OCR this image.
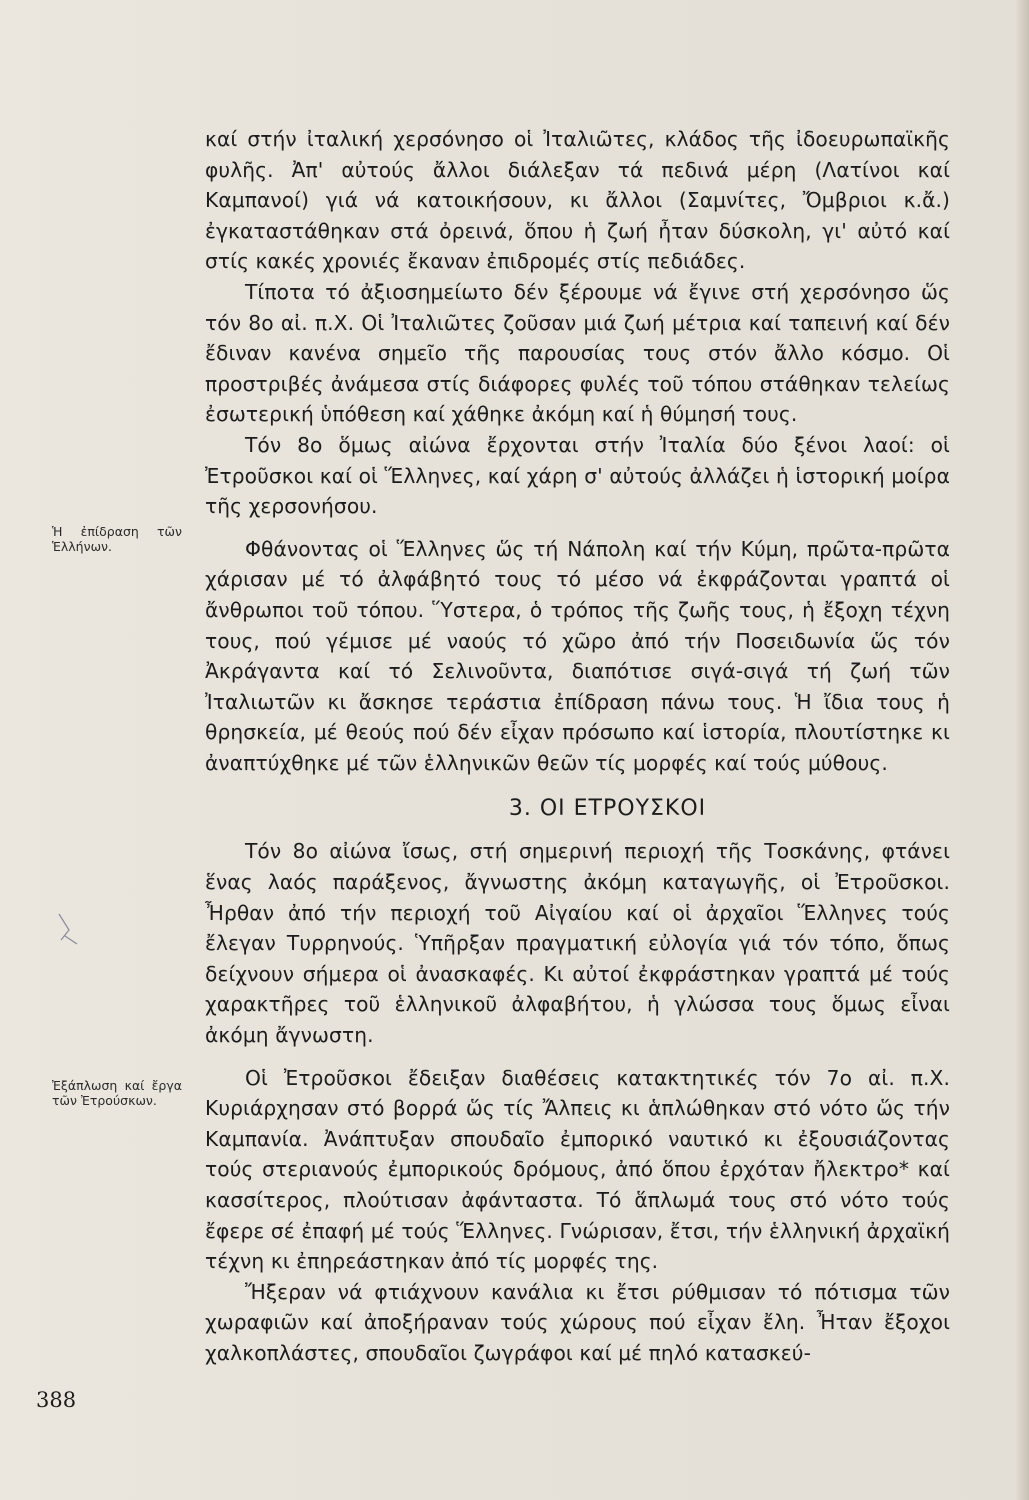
καί στήν ἰταλική χερσόνησο οἱ Ἰταλιῶτες, κλάδος τῆς ἰδοευρωπαϊκῆς φυλῆς. Ἀπ' αὐτούς ἄλλοι διάλεξαν τά πεδινά μέρη (Λατίνοι καί Καμπανοί) γιά νά κατοικήσουν, κι ἄλλοι (Σαμνίτες, Ὄμβριοι κ.ἄ.) ἐγκαταστάθηκαν στά ὀρεινά, ὅπου ἡ ζωή ἦταν δύσκολη, γι' αὐτό καί στίς κακές χρονιές ἔκαναν ἐπιδρομές στίς πεδιάδες.

Τίποτα τό ἀξιοσημείωτο δέν ξέρουμε νά ἔγινε στή χερσόνησο ὥς τόν 8ο αἰ. π.Χ. Οἱ Ἰταλιῶτες ζοῦσαν μιά ζωή μέτρια καί ταπεινή καί δέν ἔδιναν κανένα σημεῖο τῆς παρουσίας τους στόν ἄλλο κόσμο. Οἱ προστριβές ἀνάμεσα στίς διάφορες φυλές τοῦ τόπου στάθηκαν τελείως ἐσωτερική ὑπόθεση καί χάθηκε ἀκόμη καί ἡ θύμησή τους.

Τόν 8ο ὅμως αἰώνα ἔρχονται στήν Ἰταλία δύο ξένοι λαοί: οἱ Ἐτροῦσκοι καί οἱ Ἕλληνες, καί χάρη σ' αὐτούς ἀλλάζει ἡ ἱστορική μοίρα τῆς χερσονήσου.

Φθάνοντας οἱ Ἕλληνες ὥς τή Νάπολη καί τήν Κύμη, πρῶτα-πρῶτα χάρισαν μέ τό ἀλφάβητό τους τό μέσο νά ἐκφράζονται γραπτά οἱ ἄνθρωποι τοῦ τόπου. Ὕστερα, ὁ τρόπος τῆς ζωῆς τους, ἡ ἔξοχη τέχνη τους, πού γέμισε μέ ναούς τό χῶρο ἀπό τήν Ποσειδωνία ὥς τόν Ἀκράγαντα καί τό Σελινοῦντα, διαπότισε σιγά-σιγά τή ζωή τῶν Ἰταλιωτῶν κι ἄσκησε τεράστια ἐπίδραση πάνω τους. Ἡ ἴδια τους ἡ θρησκεία, μέ θεούς πού δέν εἶχαν πρόσωπο καί ἱστορία, πλουτίστηκε κι ἀναπτύχθηκε μέ τῶν ἑλληνικῶν θεῶν τίς μορφές καί τούς μύθους.

3. ΟΙ ΕΤΡΟΥΣΚΟΙ

Τόν 8ο αἰώνα ἴσως, στή σημερινή περιοχή τῆς Τοσκάνης, φτάνει ἕνας λαός παράξενος, ἄγνωστης ἀκόμη καταγωγῆς, οἱ Ἐτροῦσκοι. Ἦρθαν ἀπό τήν περιοχή τοῦ Αἰγαίου καί οἱ ἀρχαῖοι Ἕλληνες τούς ἔλεγαν Τυρρηνούς. Ὑπῆρξαν πραγματική εὐλογία γιά τόν τόπο, ὅπως δείχνουν σήμερα οἱ ἀνασκαφές. Κι αὐτοί ἐκφράστηκαν γραπτά μέ τούς χαρακτῆρες τοῦ ἑλληνικοῦ ἀλφαβήτου, ἡ γλώσσα τους ὅμως εἶναι ἀκόμη ἄγνωστη.

Οἱ Ἐτροῦσκοι ἔδειξαν διαθέσεις κατακτητικές τόν 7ο αἰ. π.Χ. Κυριάρχησαν στό βορρά ὥς τίς Ἄλπεις κι ἁπλώθηκαν στό νότο ὥς τήν Καμπανία. Ἀνάπτυξαν σπουδαῖο ἐμπορικό ναυτικό κι ἐξουσιάζοντας τούς στεριανούς ἐμπορικούς δρόμους, ἀπό ὅπου ἐρχόταν ἤλεκτρο* καί κασσίτερος, πλούτισαν ἀφάνταστα. Τό ἅπλωμά τους στό νότο τούς ἔφερε σέ ἐπαφή μέ τούς Ἕλληνες. Γνώρισαν, ἔτσι, τήν ἑλληνική ἀρχαϊκή τέχνη κι ἐπηρεάστηκαν ἀπό τίς μορφές της.

Ἤξεραν νά φτιάχνουν κανάλια κι ἔτσι ρύθμισαν τό πότισμα τῶν χωραφιῶν καί ἀποξήραναν τούς χώρους πού εἶχαν ἔλη. Ἦταν ἔξοχοι χαλκοπλάστες, σπουδαῖοι ζωγράφοι καί μέ πηλό κατασκεύ-

Ἡ ἐπίδραση τῶν Ἑλλήνων.
Ἐξάπλωση καί ἔργα τῶν Ἐτρούσκων.
388
